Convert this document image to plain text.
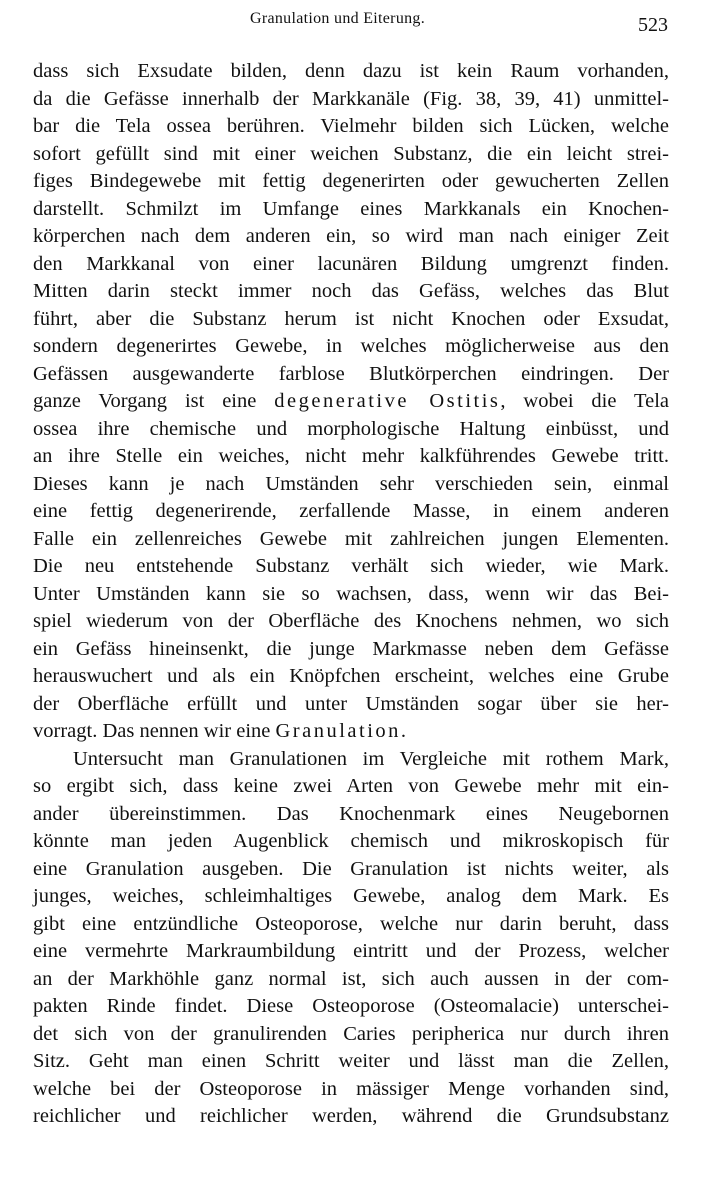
Granulation und Eiterung.	523
dass sich Exsudate bilden, denn dazu ist kein Raum vorhanden,
da die Gefässe innerhalb der Markkanäle (Fig. 38, 39, 41) unmittel-
bar die Tela ossea berühren. Vielmehr bilden sich Lücken, welche
sofort gefüllt sind mit einer weichen Substanz, die ein leicht strei-
figes Bindegewebe mit fettig degenerirten oder gewucherten Zellen
darstellt. Schmilzt im Umfange eines Markkanals ein Knochen-
körperchen nach dem anderen ein, so wird man nach einiger Zeit
den Markkanal von einer lacunären Bildung umgrenzt finden.
Mitten darin steckt immer noch das Gefäss, welches das Blut
führt, aber die Substanz herum ist nicht Knochen oder Exsudat,
sondern degenerirtes Gewebe, in welches möglicherweise aus den
Gefässen ausgewanderte farblose Blutkörperchen eindringen. Der
ganze Vorgang ist eine degenerative Ostitis, wobei die Tela
ossea ihre chemische und morphologische Haltung einbüsst, und
an ihre Stelle ein weiches, nicht mehr kalkführendes Gewebe tritt.
Dieses kann je nach Umständen sehr verschieden sein, einmal
eine fettig degenerirende, zerfallende Masse, in einem anderen
Falle ein zellenreiches Gewebe mit zahlreichen jungen Elementen.
Die neu entstehende Substanz verhält sich wieder, wie Mark.
Unter Umständen kann sie so wachsen, dass, wenn wir das Bei-
spiel wiederum von der Oberfläche des Knochens nehmen, wo sich
ein Gefäss hineinsenkt, die junge Markmasse neben dem Gefässe
herauswuchert und als ein Knöpfchen erscheint, welches eine Grube
der Oberfläche erfüllt und unter Umständen sogar über sie her-
vorragt. Das nennen wir eine Granulation.
Untersucht man Granulationen im Vergleiche mit rothem Mark,
so ergibt sich, dass keine zwei Arten von Gewebe mehr mit ein-
ander übereinstimmen. Das Knochenmark eines Neugebornen
könnte man jeden Augenblick chemisch und mikroskopisch für
eine Granulation ausgeben. Die Granulation ist nichts weiter, als
junges, weiches, schleimhaltiges Gewebe, analog dem Mark. Es
gibt eine entzündliche Osteoporose, welche nur darin beruht, dass
eine vermehrte Markraumbildung eintritt und der Prozess, welcher
an der Markhöhle ganz normal ist, sich auch aussen in der com-
pakten Rinde findet. Diese Osteoporose (Osteomalacie) unterschei-
det sich von der granulirenden Caries peripherica nur durch ihren
Sitz. Geht man einen Schritt weiter und lässt man die Zellen,
welche bei der Osteoporose in mässiger Menge vorhanden sind,
reichlicher und reichlicher werden, während die Grundsubstanz
